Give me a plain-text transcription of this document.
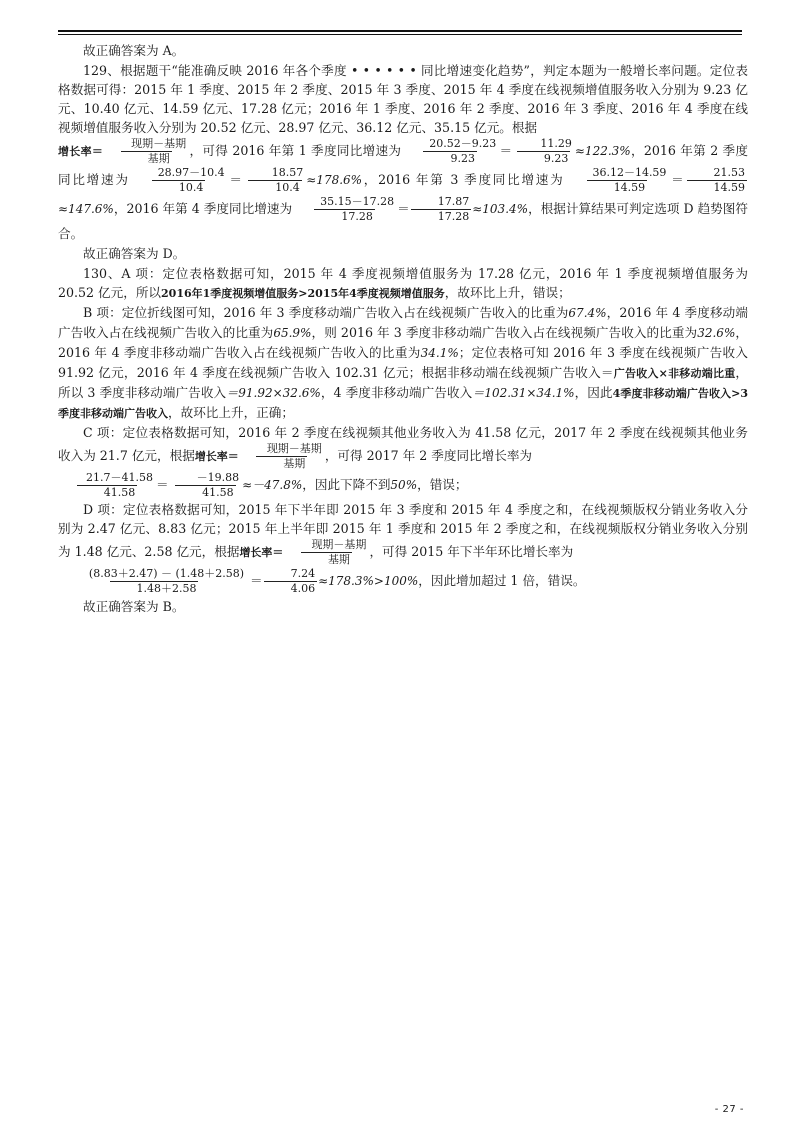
故正确答案为 A。

129、根据题干“能准确反映 2016 年各个季度 • • • • • • 同比增速变化趋势”，判定本题为一般增长率问题。定位表格数据可得：2015 年 1 季度、2015 年 2 季度、2015 年 3 季度、2015 年 4 季度在线视频增值服务收入分别为 9.23 亿元、10.40 亿元、14.59 亿元、17.28 亿元；2016 年 1 季度、2016 年 2 季度、2016 年 3 季度、2016 年 4 季度在线视频增值服务收入分别为 20.52 亿元、28.97 亿元、36.12 亿元、35.15 亿元。根据
增长率＝ $\frac{\text{现期－基期}}{\text{基期}}$ ，可得 2016 年第 1 季度同比增速为 $\frac{20.52-9.23}{9.23} = \frac{11.29}{9.23} \approx 122.3\%$，2016 年第 2 季度同比增速为 $\frac{28.97-10.4}{10.4} = \frac{18.57}{10.4} \approx 178.6\%$，2016 年第 3 季度同比增速为 $\frac{36.12-14.59}{14.59} = \frac{21.53}{14.59}$
≈147.6%，2016 年第 4 季度同比增速为 $\frac{35.15-17.28}{17.28} = \frac{17.87}{17.28} \approx 103.4\%$，根据计算结果可判定选项 D 趋势图符合。

故正确答案为 D。

130、A 项：定位表格数据可知，2015 年 4 季度视频增值服务为 17.28 亿元，2016 年 1 季度视频增值服务为 20.52 亿元，所以2016年1季度视频增值服务>2015年4季度视频增值服务，故环比上升，错误；

B 项：定位折线图可知，2016 年 3 季度移动端广告收入占在线视频广告收入的比重为67.4%，2016 年 4 季度移动端广告收入占在线视频广告收入的比重为65.9%，则 2016 年 3 季度非移动端广告收入占在线视频广告收入的比重为32.6%，2016 年 4 季度非移动端广告收入占在线视频广告收入的比重为34.1%；定位表格可知 2016 年 3 季度在线视频广告收入 91.92 亿元，2016 年 4 季度在线视频广告收入 102.31 亿元；根据非移动端在线视频广告收入＝广告收入×非移动端比重，所以 3 季度非移动端广告收入＝91.92×32.6%，4 季度非移动端广告收入＝102.31×34.1%，因此4季度非移动端广告收入>3季度非移动端广告收入，故环比上升，正确；

C 项：定位表格数据可知，2016 年 2 季度在线视频其他业务收入为 41.58 亿元，2017 年 2 季度在线视频其他业务收入为 21.7 亿元，根据增长率＝ $\frac{\text{现期－基期}}{\text{基期}}$ ，可得 2017 年 2 季度同比增长率为

$\frac{21.7-41.58}{41.58} = \frac{-19.88}{41.58} \approx-47.8\%$，因此下降不到50%，错误；

D 项：定位表格数据可知，2015 年下半年即 2015 年 3 季度和 2015 年 4 季度之和，在线视频版权分销业务收入分别为 2.47 亿元、8.83 亿元；2015 年上半年即 2015 年 1 季度和 2015 年 2 季度之和，在线视频版权分销业务收入分别为 1.48 亿元、2.58 亿元，根据增长率＝ $\frac{\text{现期－基期}}{\text{基期}}$ ，可得 2015 年下半年环比增长率为

$\frac{(8.83+2.47) - (1.48+2.58)}{1.48+2.58} = \frac{7.24}{4.06} \approx 178.3\%>100\%$，因此增加超过 1 倍，错误。

故正确答案为 B。

- 27 -
